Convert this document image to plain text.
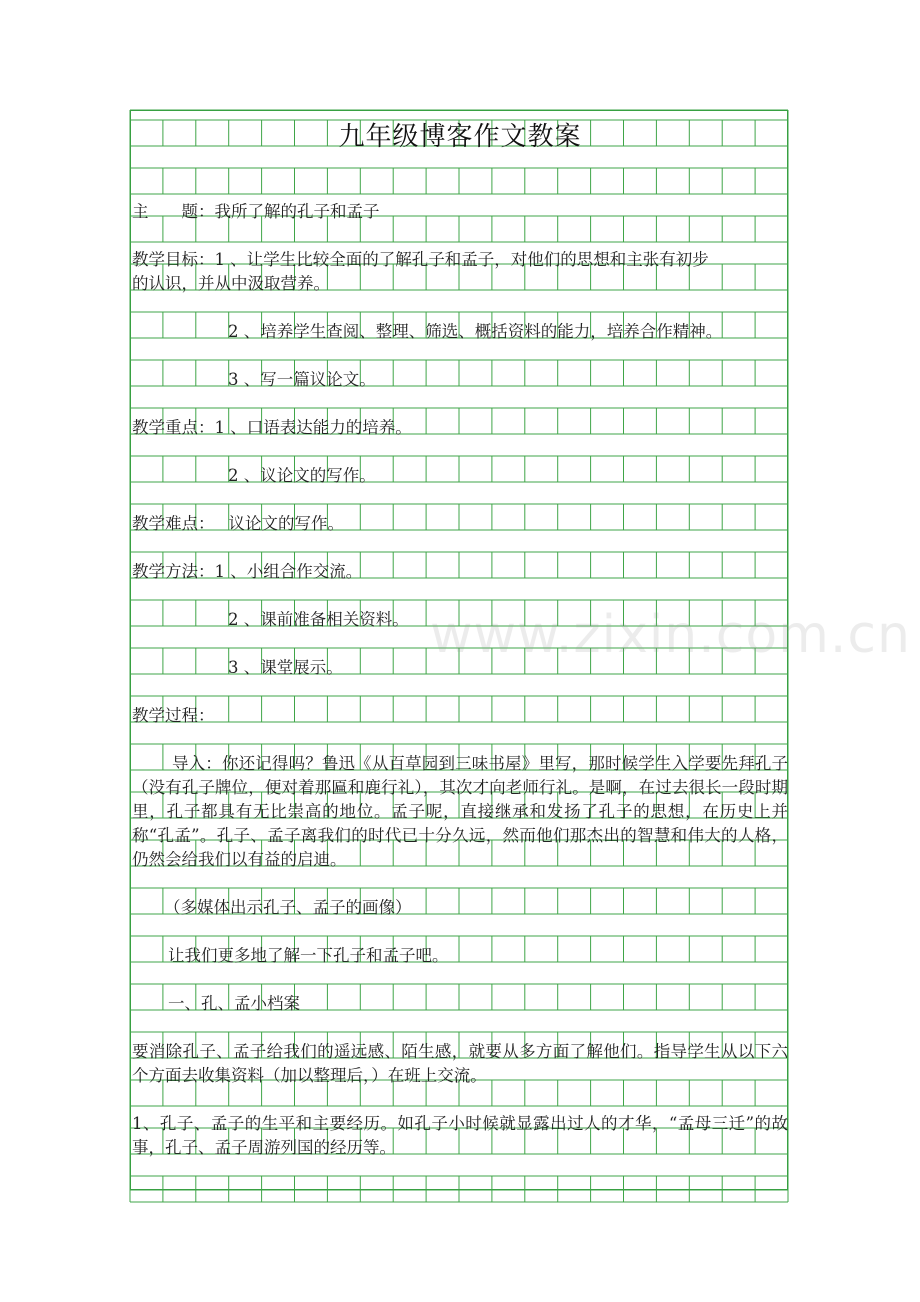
www.zixin.com.cn
九年级博客作文教案
主　　题：我所了解的孔子和孟子
教学目标：1 、让学生比较全面的了解孔子和孟子，对他们的思想和主张有初步
的认识，并从中汲取营养。
2 、培养学生查阅、整理、筛选、概括资料的能力，培养合作精神。
3 、写一篇议论文。
教学重点：1 、口语表达能力的培养。
2 、议论文的写作。
教学难点： 议论文的写作。
教学方法：1 、小组合作交流。
2 、课前准备相关资料。
3 、课堂展示。
教学过程：
导入：你还记得吗？鲁迅《从百草园到三味书屋》里写，那时候学生入学要先拜孔子（没有孔子牌位，便对着那匾和鹿行礼），其次才向老师行礼。是啊，在过去很长一段时期里，孔子都具有无比崇高的地位。孟子呢，直接继承和发扬了孔子的思想，在历史上并称“孔孟”。孔子、孟子离我们的时代已十分久远，然而他们那杰出的智慧和伟大的人格，仍然会给我们以有益的启迪。
（多媒体出示孔子、孟子的画像）
让我们更多地了解一下孔子和孟子吧。
一、孔、孟小档案
要消除孔子、孟子给我们的遥远感、陌生感，就要从多方面了解他们。指导学生从以下六个方面去收集资料（加以整理后，）在班上交流。
1、孔子、孟子的生平和主要经历。如孔子小时候就显露出过人的才华，“孟母三迁”的故事，孔子、孟子周游列国的经历等。
